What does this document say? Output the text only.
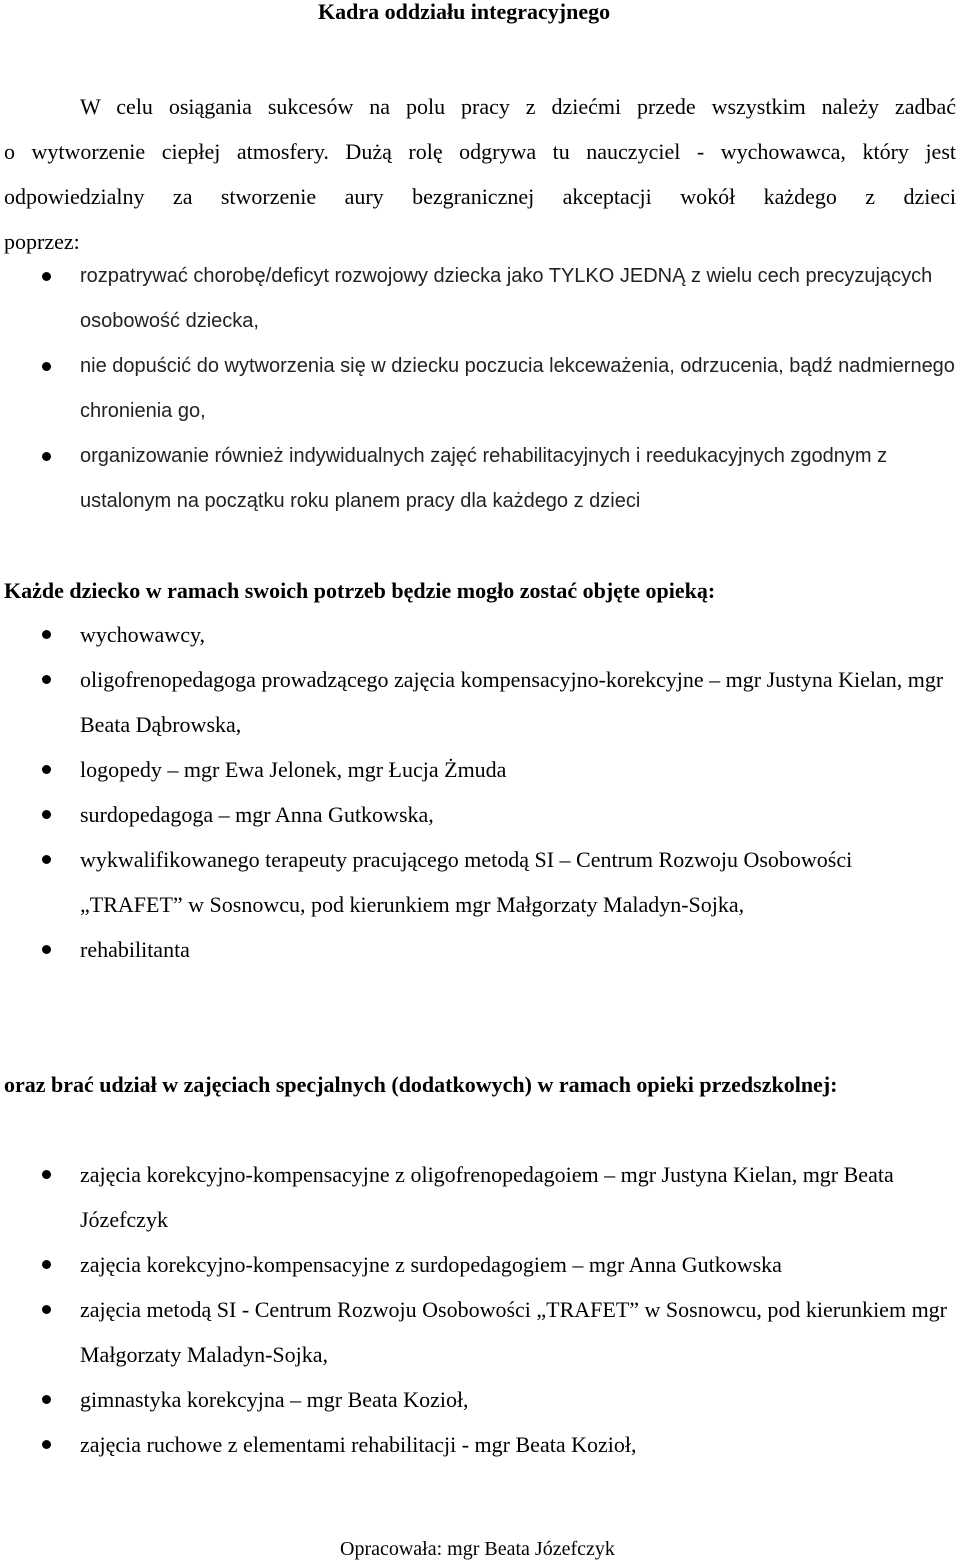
Kadra oddziału integracyjnego
W celu osiągania sukcesów na polu pracy z dziećmi przede wszystkim należy zadbać
o wytworzenie ciepłej atmosfery. Dużą rolę odgrywa tu nauczyciel - wychowawca, który jest
odpowiedzialny za stworzenie aury bezgranicznej akceptacji wokół każdego z dzieci
poprzez:
rozpatrywać chorobę/deficyt rozwojowy dziecka jako TYLKO JEDNĄ z wielu cech precyzujących osobowość dziecka,
nie dopuścić do wytworzenia się w dziecku poczucia lekceważenia, odrzucenia, bądź nadmiernego chronienia go,
organizowanie również indywidualnych zajęć rehabilitacyjnych i reedukacyjnych zgodnym z ustalonym na początku roku planem pracy dla każdego z dzieci
Każde dziecko w ramach swoich potrzeb będzie mogło zostać objęte opieką:
wychowawcy,
oligofrenopedagoga prowadzącego zajęcia kompensacyjno-korekcyjne – mgr Justyna Kielan, mgr Beata Dąbrowska,
logopedy – mgr Ewa Jelonek, mgr Łucja Żmuda
surdopedagoga – mgr Anna Gutkowska,
wykwalifikowanego terapeuty pracującego metodą SI – Centrum Rozwoju Osobowości „TRAFET” w Sosnowcu, pod kierunkiem mgr Małgorzaty Maladyn-Sojka,
rehabilitanta
oraz brać udział w zajęciach specjalnych (dodatkowych) w ramach opieki przedszkolnej:
zajęcia korekcyjno-kompensacyjne z oligofrenopedagoiem – mgr Justyna Kielan, mgr Beata Józefczyk
zajęcia korekcyjno-kompensacyjne z surdopedagogiem – mgr Anna Gutkowska
zajęcia metodą SI - Centrum Rozwoju Osobowości „TRAFET” w Sosnowcu, pod kierunkiem mgr Małgorzaty Maladyn-Sojka,
gimnastyka korekcyjna – mgr Beata Kozioł,
zajęcia ruchowe z elementami rehabilitacji - mgr Beata Kozioł,
Opracowała: mgr Beata Józefczyk
